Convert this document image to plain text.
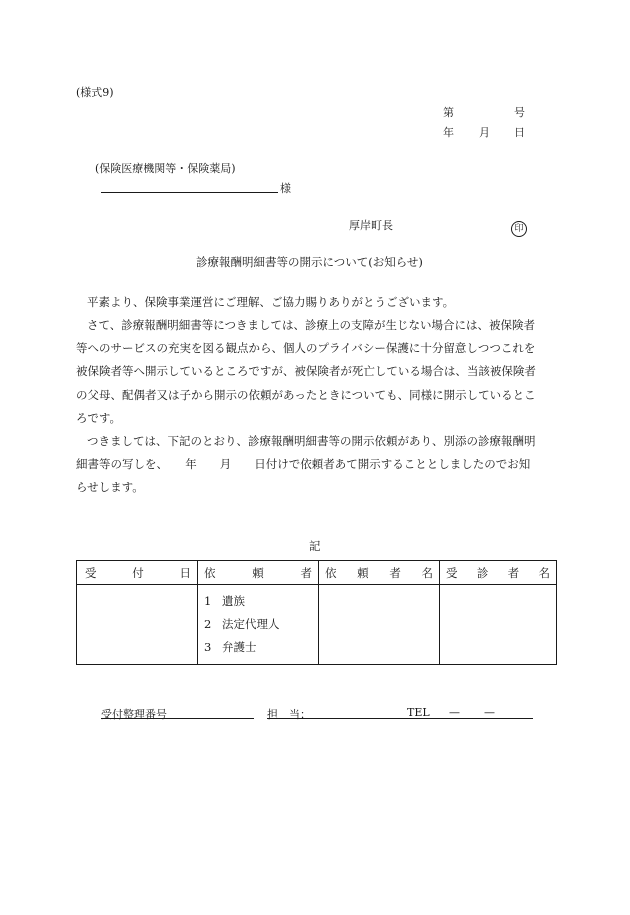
(様式9)
第	号
年 月 日
(保険医療機関等・保険薬局)
様
厚岸町長	印
診療報酬明細書等の開示について(お知らせ)
平素より、保険事業運営にご理解、ご協力賜りありがとうございます。
さて、診療報酬明細書等につきましては、診療上の支障が生じない場合には、被保険者
等へのサービスの充実を図る観点から、個人のプライバシー保護に十分留意しつつこれを
被保険者等へ開示しているところですが、被保険者が死亡している場合は、当該被保険者
の父母、配偶者又は子から開示の依頼があったときについても、同様に開示しているとこ
ろです。
つきましては、下記のとおり、診療報酬明細書等の開示依頼があり、別添の診療報酬明
細書等の写しを、　　年　　月　　日付けで依頼者あて開示することとしましたのでお知
らせします。
記
受 付 日	依 頼 者	依 頼 者 名	受 診 者 名

	1 遺族
2 法定代理人
3 弁護士		

受付整理番号	担　当：	TEL — —
